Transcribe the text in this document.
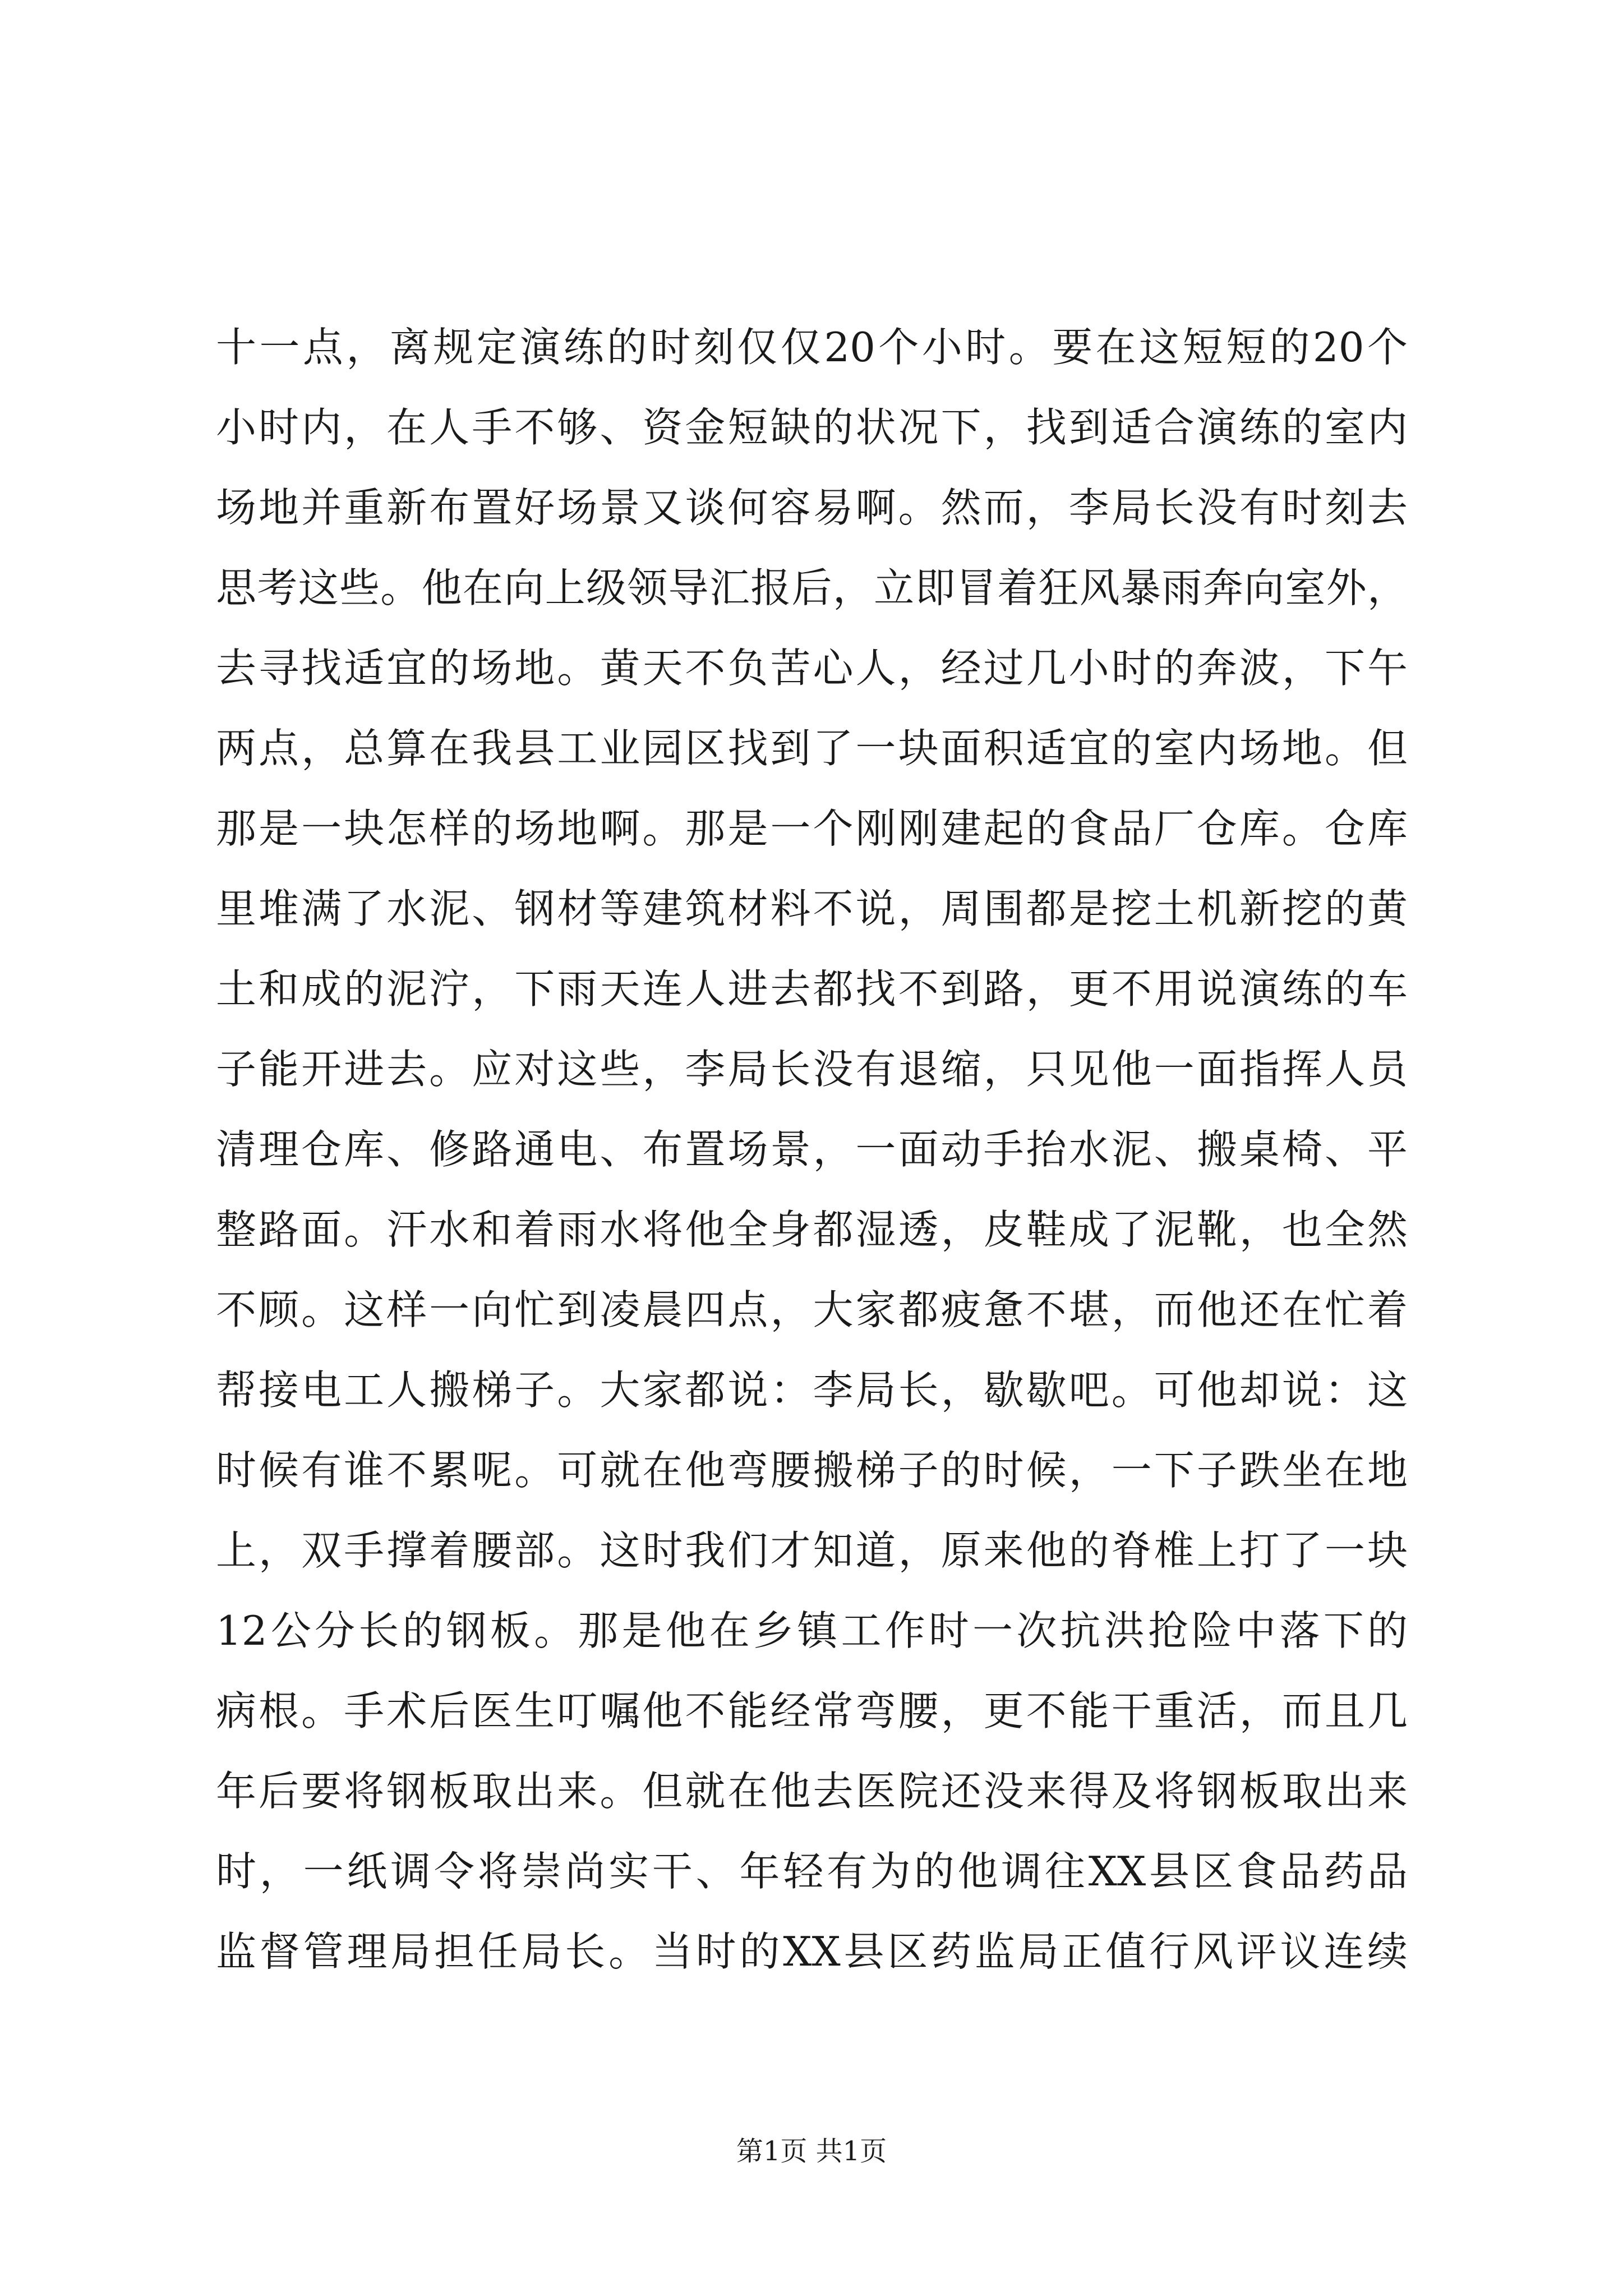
十一点，离规定演练的时刻仅仅20个小时。要在这短短的20个
小时内，在人手不够、资金短缺的状况下，找到适合演练的室内
场地并重新布置好场景又谈何容易啊。然而，李局长没有时刻去
思考这些。他在向上级领导汇报后，立即冒着狂风暴雨奔向室外，
去寻找适宜的场地。黄天不负苦心人，经过几小时的奔波，下午
两点，总算在我县工业园区找到了一块面积适宜的室内场地。但
那是一块怎样的场地啊。那是一个刚刚建起的食品厂仓库。仓库
里堆满了水泥、钢材等建筑材料不说，周围都是挖土机新挖的黄
土和成的泥泞，下雨天连人进去都找不到路，更不用说演练的车
子能开进去。应对这些，李局长没有退缩，只见他一面指挥人员
清理仓库、修路通电、布置场景，一面动手抬水泥、搬桌椅、平
整路面。汗水和着雨水将他全身都湿透，皮鞋成了泥靴，也全然
不顾。这样一向忙到凌晨四点，大家都疲惫不堪，而他还在忙着
帮接电工人搬梯子。大家都说：李局长，歇歇吧。可他却说：这
时候有谁不累呢。可就在他弯腰搬梯子的时候，一下子跌坐在地
上，双手撑着腰部。这时我们才知道，原来他的脊椎上打了一块
12公分长的钢板。那是他在乡镇工作时一次抗洪抢险中落下的
病根。手术后医生叮嘱他不能经常弯腰，更不能干重活，而且几
年后要将钢板取出来。但就在他去医院还没来得及将钢板取出来
时，一纸调令将崇尚实干、年轻有为的他调往XX县区食品药品
监督管理局担任局长。当时的XX县区药监局正值行风评议连续
第1页 共1页
